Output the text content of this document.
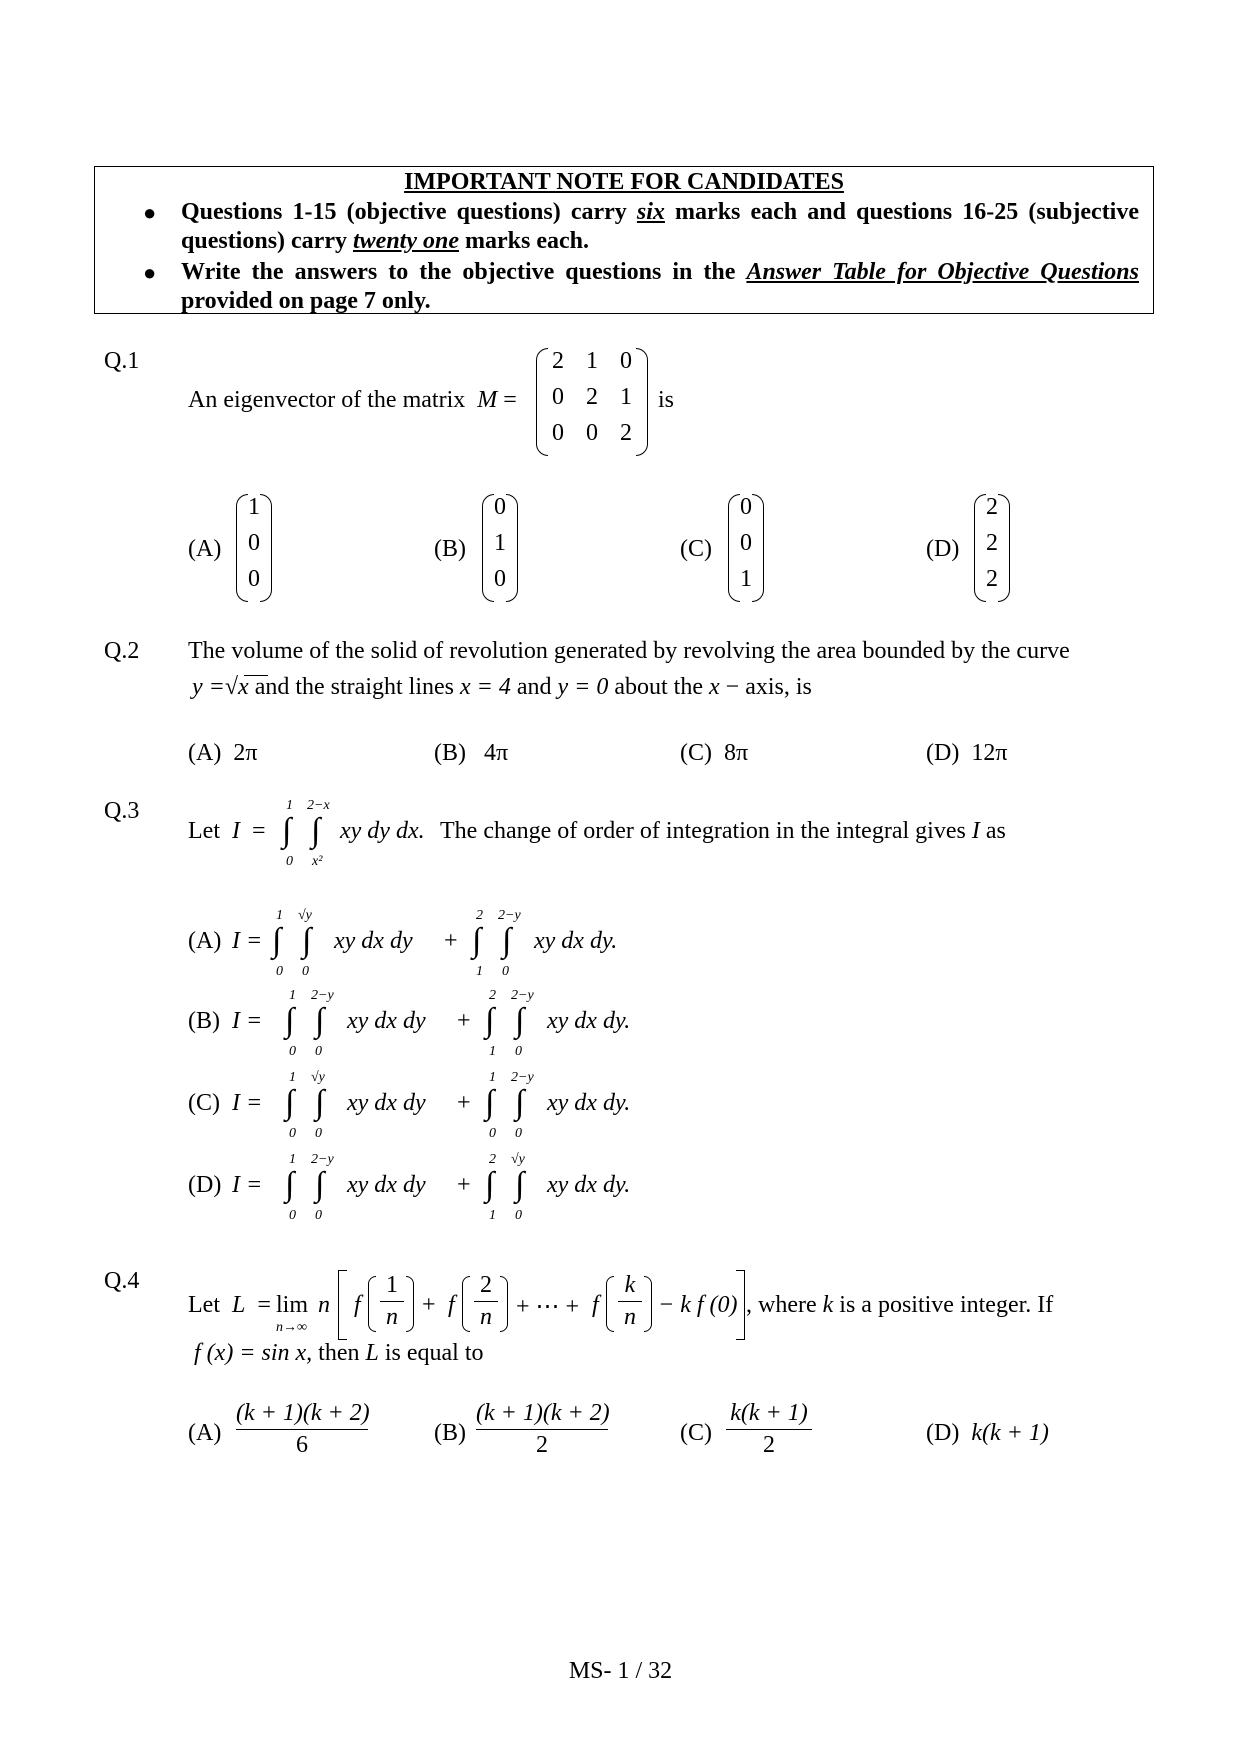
IMPORTANT NOTE FOR CANDIDATES
● Questions 1-15 (objective questions) carry six marks each and questions 16-25 (subjective questions) carry twenty one marks each.
● Write the answers to the objective questions in the Answer Table for Objective Questions provided on page 7 only.
Q.1
An eigenvector of the matrix M =
2 1 0
0 2 1
0 0 2
is
(A)
1
0
0
(B)
0
1
0
(C)
0
0
1
(D)
2
2
2
Q.2 The volume of the solid of revolution generated by revolving the area bounded by the curve
y =√x and the straight lines x = 4 and y = 0 about the x − axis, is
(A) 2π	(B) 4π	(C) 8π	(D) 12π
Q.3
Let I = ∫
1
0
∫
2−x
x²
xy dy dx. The change of order of integration in the integral gives I as
(A) I = ∫
1
0
∫
√y
0
xy dx dy + ∫
2
1
∫
2−y
0
xy dx dy.
(B) I = ∫
1
0
∫
2−y
0
xy dx dy + ∫
2
1
∫
2−y
0
xy dx dy.
(C) I = ∫
1
0
∫
√y
0
xy dx dy + ∫
1
0
∫
2−y
0
xy dx dy.
(D) I = ∫
1
0
∫
2−y
0
xy dx dy + ∫
2
1
∫
√y
0
xy dx dy.
Q.4
Let L = lim
n→∞
n f
1
n + f
2
n + ⋯ + f
k
n − k f (0) , where k is a positive integer. If
f (x) = sin x, then L is equal to
(A)
(k + 1)(k + 2)
6	(B)
(k + 1)(k + 2)
2	(C)
k(k + 1)
2	(D) k(k + 1)
MS- 1 / 32
